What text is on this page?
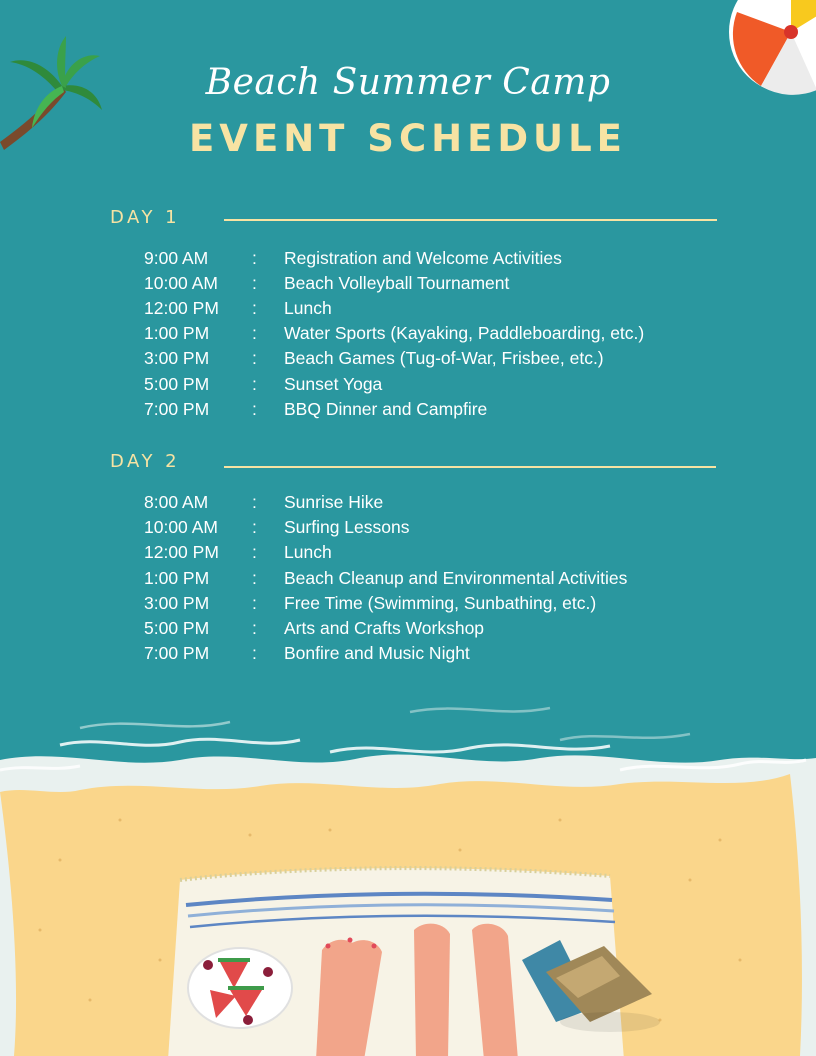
Beach Summer Camp
EVENT SCHEDULE
DAY 1
9:00 AM	: Registration and Welcome Activities
10:00 AM : Beach Volleyball Tournament
12:00 PM : Lunch
1:00 PM : Water Sports (Kayaking, Paddleboarding, etc.)
3:00 PM : Beach Games (Tug-of-War, Frisbee, etc.)
5:00 PM : Sunset Yoga
7:00 PM : BBQ Dinner and Campfire
DAY 2
8:00 AM	: Sunrise Hike
10:00 AM : Surfing Lessons
12:00 PM : Lunch
1:00 PM : Beach Cleanup and Environmental Activities
3:00 PM : Free Time (Swimming, Sunbathing, etc.)
5:00 PM : Arts and Crafts Workshop
7:00 PM : Bonfire and Music Night
